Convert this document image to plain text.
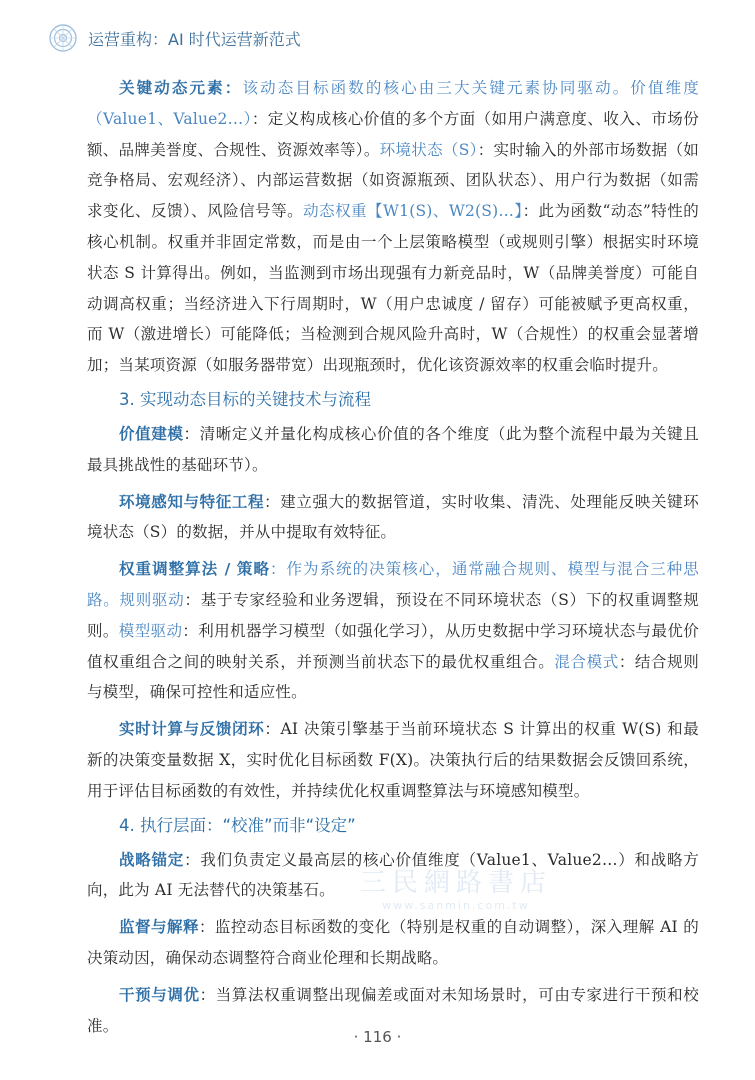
运营重构：AI 时代运营新范式

关键动态元素：该动态目标函数的核心由三大关键元素协同驱动。价值维度（Value1、Value2…）：定义构成核心价值的多个方面（如用户满意度、收入、市场份额、品牌美誉度、合规性、资源效率等）。环境状态（S）：实时输入的外部市场数据（如竞争格局、宏观经济）、内部运营数据（如资源瓶颈、团队状态）、用户行为数据（如需求变化、反馈）、风险信号等。动态权重【W1(S)、W2(S)…】：此为函数“动态”特性的核心机制。权重并非固定常数，而是由一个上层策略模型（或规则引擎）根据实时环境状态 S 计算得出。例如，当监测到市场出现强有力新竞品时，W（品牌美誉度）可能自动调高权重；当经济进入下行周期时，W（用户忠诚度 / 留存）可能被赋予更高权重，而 W（激进增长）可能降低；当检测到合规风险升高时，W（合规性）的权重会显著增加；当某项资源（如服务器带宽）出现瓶颈时，优化该资源效率的权重会临时提升。

3. 实现动态目标的关键技术与流程

价值建模：清晰定义并量化构成核心价值的各个维度（此为整个流程中最为关键且最具挑战性的基础环节）。

环境感知与特征工程：建立强大的数据管道，实时收集、清洗、处理能反映关键环境状态（S）的数据，并从中提取有效特征。

权重调整算法 / 策略：作为系统的决策核心，通常融合规则、模型与混合三种思路。规则驱动：基于专家经验和业务逻辑，预设在不同环境状态（S）下的权重调整规则。模型驱动：利用机器学习模型（如强化学习），从历史数据中学习环境状态与最优价值权重组合之间的映射关系，并预测当前状态下的最优权重组合。混合模式：结合规则与模型，确保可控性和适应性。

实时计算与反馈闭环：AI 决策引擎基于当前环境状态 S 计算出的权重 W(S) 和最新的决策变量数据 X，实时优化目标函数 F(X)。决策执行后的结果数据会反馈回系统，用于评估目标函数的有效性，并持续优化权重调整算法与环境感知模型。

4. 执行层面：“校准”而非“设定”

战略锚定：我们负责定义最高层的核心价值维度（Value1、Value2…）和战略方向，此为 AI 无法替代的决策基石。

监督与解释：监控动态目标函数的变化（特别是权重的自动调整），深入理解 AI 的决策动因，确保动态调整符合商业伦理和长期战略。

干预与调优：当算法权重调整出现偏差或面对未知场景时，可由专家进行干预和校准。

三民網路書店
www.sanmin.com.tw
· 116 ·
